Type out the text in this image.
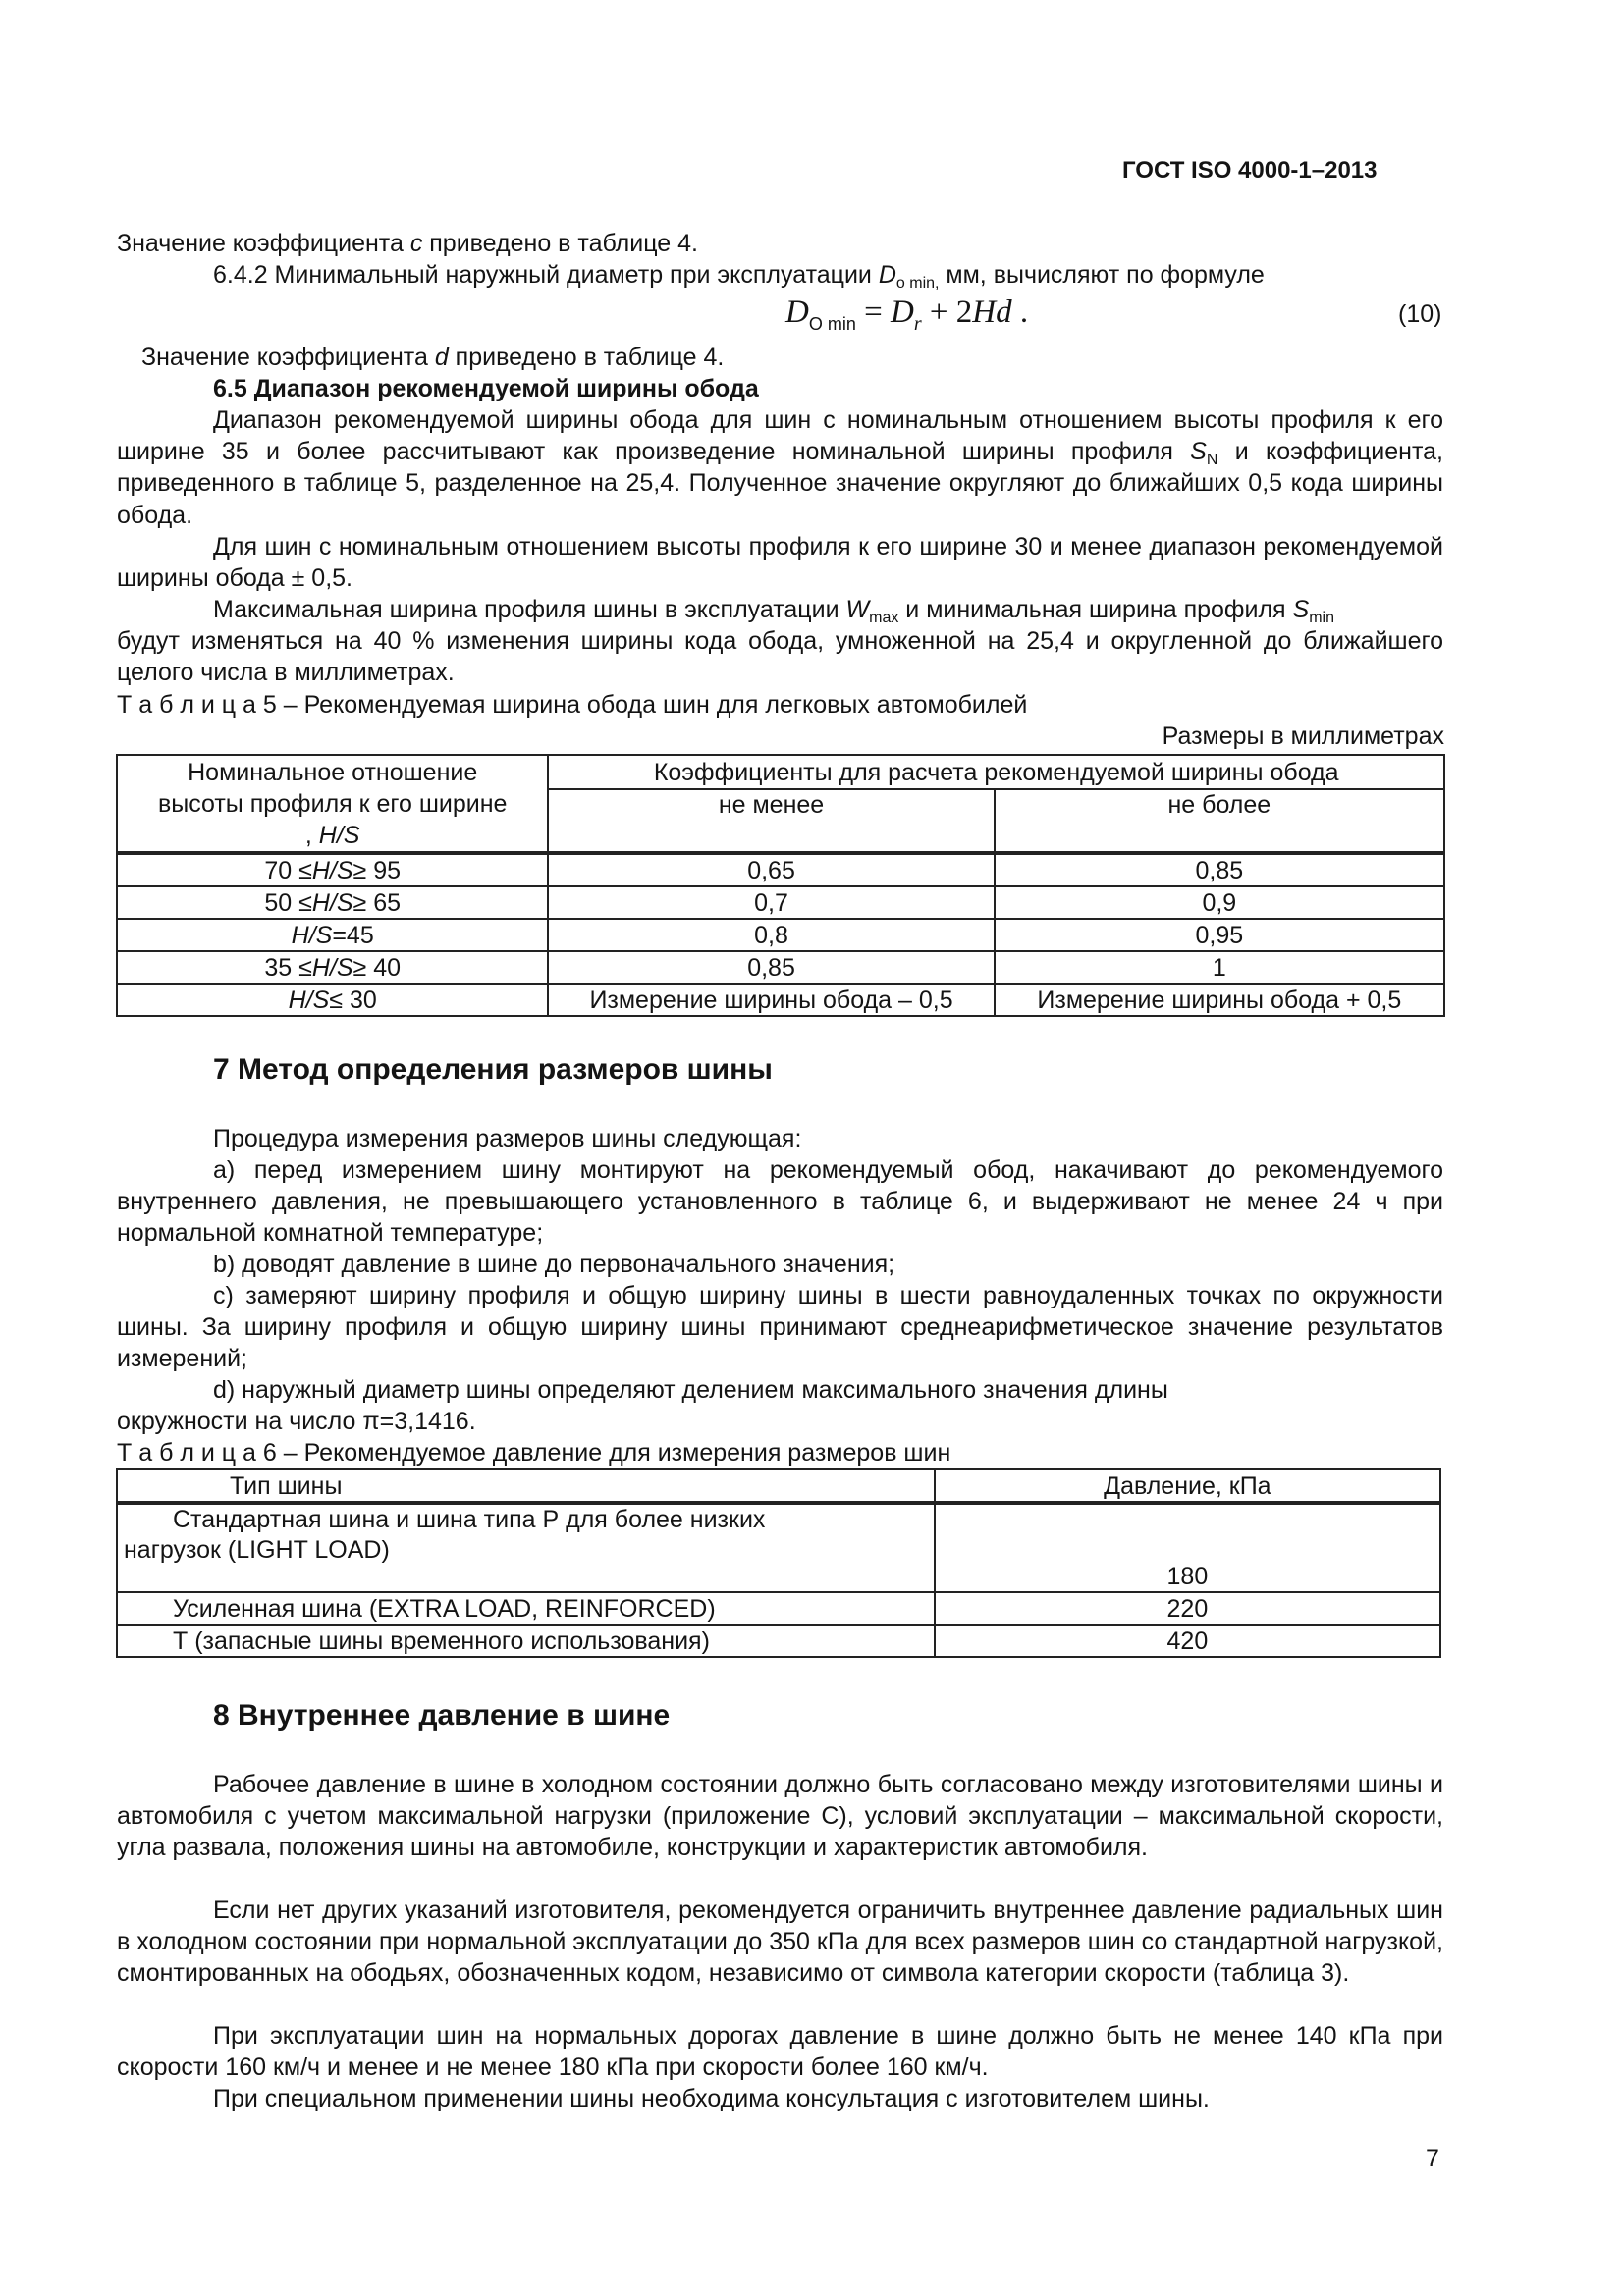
ГОСТ ISO 4000-1–2013

Значение коэффициента c приведено в таблице 4.

6.4.2 Минимальный наружный диаметр при эксплуатации $D_{o min,}$ мм, вычисляют по формуле

$D_{O min} = D_r + 2Hd$ .	(10)

Значение коэффициента d приведено в таблице 4.

6.5 Диапазон рекомендуемой ширины обода

Диапазон рекомендуемой ширины обода для шин с номинальным отношением высоты профиля к его ширине 35 и более рассчитывают как произведение номинальной ширины профиля $S_N$ и коэффициента, приведенного в таблице 5, разделенное на 25,4. Полученное значение округляют до ближайших 0,5 кода ширины обода.

Для шин с номинальным отношением высоты профиля к его ширине 30 и менее диапазон рекомендуемой ширины обода ± 0,5.

Максимальная ширина профиля шины в эксплуатации $W_{max}$ и минимальная ширина профиля $S_{min}$
будут изменяться на 40 % изменения ширины кода обода, умноженной на 25,4 и округленной до ближайшего целого числа в миллиметрах.

Т а б л и ц а 5 – Рекомендуемая ширина обода шин для легковых автомобилей

Размеры в миллиметрах

Номинальное отношение
высоты профиля к его ширине
, H/S	Коэффициенты для расчета рекомендуемой ширины обода	
	не менее	не более
70 ≤H/S≥ 95	0,65	0,85
50 ≤H/S≥ 65	0,7	0,9
H/S=45	0,8	0,95
35 ≤H/S≥ 40	0,85	1
H/S≤ 30	Измерение ширины обода – 0,5	Измерение ширины обода + 0,5
7 Метод определения размеров шины

Процедура измерения размеров шины следующая:

а) перед измерением шину монтируют на рекомендуемый обод, накачивают до рекомендуемого внутреннего давления, не превышающего установленного в таблице 6, и выдерживают не менее 24 ч при нормальной комнатной температуре;

b) доводят давление в шине до первоначального значения;

с) замеряют ширину профиля и общую ширину шины в шести равноудаленных точках по окружности шины. За ширину профиля и общую ширину шины принимают среднеарифметическое значение результатов измерений;

d) наружный диаметр шины определяют делением максимального значения длины
окружности на число π=3,1416.

Т а б л и ц а 6 – Рекомендуемое давление для измерения размеров шин

Тип шины	Давление, кПа
Стандартная шина и шина типа Р для более низких
нагрузок (LIGHT LOAD)	180
Усиленная шина (EXTRA LOAD, REINFORCED)	220
Т (запасные шины временного использования)	420
8 Внутреннее давление в шине

Рабочее давление в шине в холодном состоянии должно быть согласовано между изготовителями шины и автомобиля с учетом максимальной нагрузки (приложение С), условий эксплуатации – максимальной скорости, угла развала, положения шины на автомобиле, конструкции и характеристик автомобиля.

Если нет других указаний изготовителя, рекомендуется ограничить внутреннее давление радиальных шин в холодном состоянии при нормальной эксплуатации до 350 кПа для всех размеров шин со стандартной нагрузкой, смонтированных на ободьях, обозначенных кодом, независимо от символа категории скорости (таблица 3).

При эксплуатации шин на нормальных дорогах давление в шине должно быть не менее 140 кПа при скорости 160 км/ч и менее и не менее 180 кПа при скорости более 160 км/ч.

При специальном применении шины необходима консультация с изготовителем шины.

7
